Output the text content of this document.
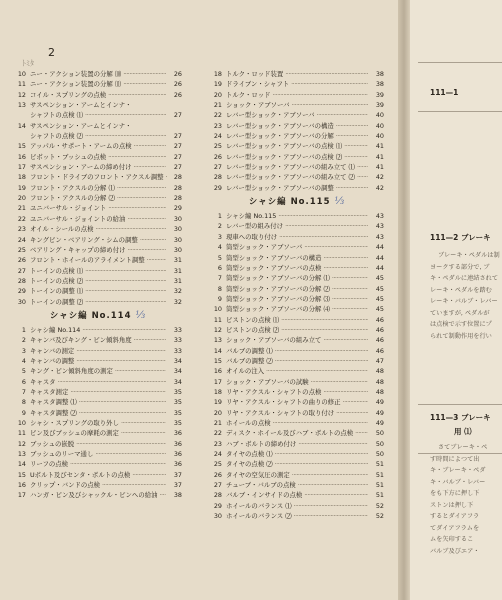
2
ﾄﾐﾀ
10 ニー・アクション装置の分解 ⑽ ·····	26
11 ニー・アクション装置の分解 ⑾ ·····	26
12 コイル・スプリングの点検 ·····	26
13 サスペンション・アームとインナ・
シャフトの点検 ⑴ ·····	27
14 サスペンション・アームとインナ・
シャフトの点検 ⑵ ·····	27
15 アッパル・サポート・アームの点検 ·····	27
16 ピボット・ブッシュの点検 ·····	27
17 サスペンション・アームの締め付け ·····	27
18 フロント・ドライブのフロント・アクスル調整 ·····	28
19 フロント・アクスルの分解 ⑴ ·····	28
20 フロント・アクスルの分解 ⑵ ·····	28
21 ユニバーサル・ジョイント ·····	29
22 ユニバーサル・ジョイントの給油 ·····	30
23 オイル・シールの点検 ·····	30
24 キングピン・ベアリング・シムの調整 ·····	30
25 ベアリング・キャップの締め付け ·····	30
26 フロント・ホイールのアライメント調整 ·····	31
27 トーインの点検 ⑴ ·····	31
28 トーインの点検 ⑵ ·····	31
29 トーインの調整 ⑴ ·····	32
30 トーインの調整 ⑵ ·····	32
シャシ編 No.114 ⅓
1 シャシ編 No.114 ·····	33
2 キャンバ及びキング・ピン傾斜角度 ·····	33
3 キャンバの測定 ·····	33
4 キャンバの調整 ·····	34
5 キング・ピン傾斜角度の測定 ·····	34
6 キャスタ ·····	34
7 キャスタ測定 ·····	35
8 キャスタ調整 ⑴ ·····	35
9 キャスタ調整 ⑵ ·····	35
10 シャシ・スプリングの取り外し ·····	35
11 ピン及びブッシュの摩耗の測定 ·····	36
12 ブッシュの嵌脱 ·····	36
13 ブッシュのリーマ通し ·····	36
14 リーフの点検 ·····	36
15 Uボルト及びセンタ・ボルトの点検 ·····	37
16 クリップ・バンドの点検 ·····	37
17 ハンガ・ピン及びシャックル・ピンへの給油 ·····	38
18 トルク・ロッド装置 ·····	38
19 ドライブン・シャフト ·····	38
20 トルク・ロッド ·····	39
21 ショック・アブソーバ ·····	39
22 レバー型ショック・アブソーバ ·····	40
23 レバー型ショック・アブソーバの構造 ·····	40
24 レバー型ショック・アブソーバの分解 ·····	40
25 レバー型ショック・アブソーバの点検 ⑴ ·····	41
26 レバー型ショック・アブソーバの点検 ⑵ ·····	41
27 レバー型ショック・アブソーバの組み立て ⑴ ·····	41
28 レバー型ショック・アブソーバの組み立て ⑵ ·····	42
29 レバー型ショック・アブソーバの調整 ·····	42
シャシ編 No.115 ⅓
1 シャシ編 No.115 ·····	43
2 レバー型の組み付け ·····	43
3 現車への取り付け ·····	43
4 筒型ショック・アブソーバ ·····	44
5 筒型ショック・アブソーバの構造 ·····	44
6 筒型ショック・アブソーバの点検 ·····	44
7 筒型ショック・アブソーバの分解 ⑴ ·····	45
8 筒型ショック・アブソーバの分解 ⑵ ·····	45
9 筒型ショック・アブソーバの分解 ⑶ ·····	45
10 筒型ショック・アブソーバの分解 ⑷ ·····	45
11 ピストンの点検 ⑴ ·····	46
12 ピストンの点検 ⑵ ·····	46
13 ショック・アブソーバの組み立て ·····	46
14 バルブの調整 ⑴ ·····	46
15 バルブの調整 ⑵ ·····	47
16 オイルの注入 ·····	48
17 ショック・アブソーバの試験 ·····	48
18 リヤ・アクスル・シャフトの点検 ·····	48
19 リヤ・アクスル・シャフトの曲りの修正 ·····	49
20 リヤ・アクスル・シャフトの取り付け ·····	49
21 ホイールの点検 ·····	49
22 ディスク・ホイール及びハブ・ボルトの点検 ·····	50
23 ハブ・ボルトの締め付け ·····	50
24 タイヤの点検 ⑴ ·····	50
25 タイヤの点検 ⑵ ·····	51
26 タイヤの空気圧の測定 ·····	51
27 チューブ・バルブの点検 ·····	51
28 バルブ・インサイドの点検 ·····	51
29 ホイールのバランス ⑴ ·····	52
30 ホイールのバランス ⑵ ·····	52
111—1
111—2 ブレーキ
ブレーキ・ペダルは制
ヨークする部分で, ブ
キ・ペダルに連結されて
レーキ・ペダルを踏む
レーキ・バルブ・レバー
ていますが, ペダルが
は点検で示す位置にプ
られて制動作用を行い
111—3 ブレーキ
用 ⑴
さてブレーキ・ペ
す時間によつて出
キ・ブレーキ・ペダ
キ・バルブ・レバー
をも下方に押し下
ストンは押し下
するとダイアフラ
てダイアフラムを
ムを矢印するこ
バルブ及びエア・
